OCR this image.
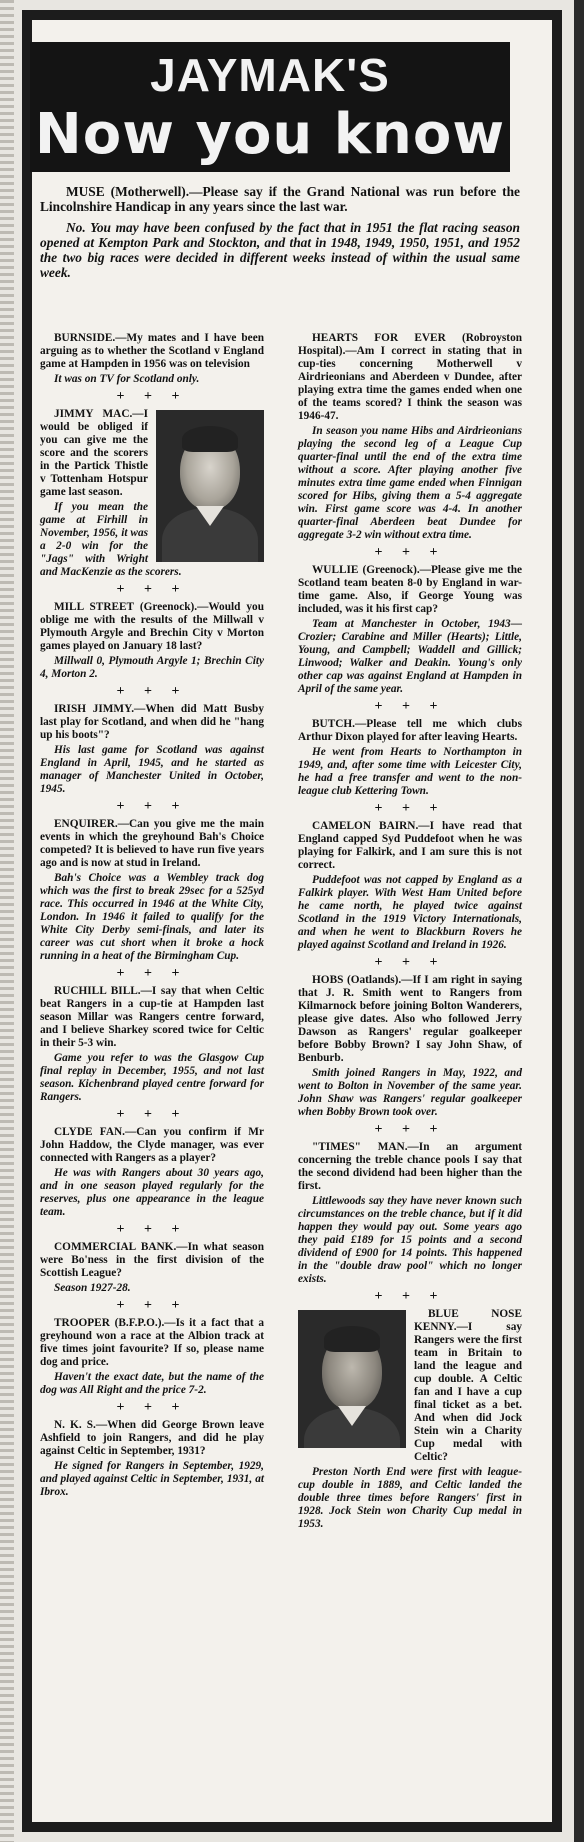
JAYMAK'S
Now you know

MUSE (Motherwell).—Please say if the Grand National was run before the Lincolnshire Handicap in any years since the last war.

No. You may have been confused by the fact that in 1951 the flat racing season opened at Kempton Park and Stockton, and that in 1948, 1949, 1950, 1951, and 1952 the two big races were decided in different weeks instead of within the usual same week.

BURNSIDE.—My mates and I have been arguing as to whether the Scotland v England game at Hampden in 1956 was on television

It was on TV for Scotland only.

+ + +

JIMMY MAC.—I would be obliged if you can give me the score and the scorers in the Partick Thistle v Tottenham Hotspur game last season.

If you mean the game at Firhill in November, 1956, it was a 2-0 win for the "Jags" with Wright and MacKenzie as the scorers.

+ + +

MILL STREET (Greenock).—Would you oblige me with the results of the Millwall v Plymouth Argyle and Brechin City v Morton games played on January 18 last?

Millwall 0, Plymouth Argyle 1; Brechin City 4, Morton 2.

+ + +

IRISH JIMMY.—When did Matt Busby last play for Scotland, and when did he "hang up his boots"?

His last game for Scotland was against England in April, 1945, and he started as manager of Manchester United in October, 1945.

+ + +

ENQUIRER.—Can you give me the main events in which the greyhound Bah's Choice competed? It is believed to have run five years ago and is now at stud in Ireland.

Bah's Choice was a Wembley track dog which was the first to break 29sec for a 525yd race. This occurred in 1946 at the White City, London. In 1946 it failed to qualify for the White City Derby semi-finals, and later its career was cut short when it broke a hock running in a heat of the Birmingham Cup.

+ + +

RUCHILL BILL.—I say that when Celtic beat Rangers in a cup-tie at Hampden last season Millar was Rangers centre forward, and I believe Sharkey scored twice for Celtic in their 5-3 win.

Game you refer to was the Glasgow Cup final replay in December, 1955, and not last season. Kichenbrand played centre forward for Rangers.

+ + +

CLYDE FAN.—Can you confirm if Mr John Haddow, the Clyde manager, was ever connected with Rangers as a player?

He was with Rangers about 30 years ago, and in one season played regularly for the reserves, plus one appearance in the league team.

+ + +

COMMERCIAL BANK.—In what season were Bo'ness in the first division of the Scottish League?

Season 1927-28.

+ + +

TROOPER (B.F.P.O.).—Is it a fact that a greyhound won a race at the Albion track at five times joint favourite? If so, please name dog and price.

Haven't the exact date, but the name of the dog was All Right and the price 7-2.

+ + +

N. K. S.—When did George Brown leave Ashfield to join Rangers, and did he play against Celtic in September, 1931?

He signed for Rangers in September, 1929, and played against Celtic in September, 1931, at Ibrox.

HEARTS FOR EVER (Robroyston Hospital).—Am I correct in stating that in cup-ties concerning Motherwell v Airdrieonians and Aberdeen v Dundee, after playing extra time the games ended when one of the teams scored? I think the season was 1946-47.

In season you name Hibs and Airdrieonians playing the second leg of a League Cup quarter-final until the end of the extra time without a score. After playing another five minutes extra time game ended when Finnigan scored for Hibs, giving them a 5-4 aggregate win. First game score was 4-4. In another quarter-final Aberdeen beat Dundee for aggregate 3-2 win without extra time.

+ + +

WULLIE (Greenock).—Please give me the Scotland team beaten 8-0 by England in war-time game. Also, if George Young was included, was it his first cap?

Team at Manchester in October, 1943—Crozier; Carabine and Miller (Hearts); Little, Young, and Campbell; Waddell and Gillick; Linwood; Walker and Deakin. Young's only other cap was against England at Hampden in April of the same year.

+ + +

BUTCH.—Please tell me which clubs Arthur Dixon played for after leaving Hearts.

He went from Hearts to Northampton in 1949, and, after some time with Leicester City, he had a free transfer and went to the non-league club Kettering Town.

+ + +

CAMELON BAIRN.—I have read that England capped Syd Puddefoot when he was playing for Falkirk, and I am sure this is not correct.

Puddefoot was not capped by England as a Falkirk player. With West Ham United before he came north, he played twice against Scotland in the 1919 Victory Internationals, and when he went to Blackburn Rovers he played against Scotland and Ireland in 1926.

+ + +

HOBS (Oatlands).—If I am right in saying that J. R. Smith went to Rangers from Kilmarnock before joining Bolton Wanderers, please give dates. Also who followed Jerry Dawson as Rangers' regular goalkeeper before Bobby Brown? I say John Shaw, of Benburb.

Smith joined Rangers in May, 1922, and went to Bolton in November of the same year. John Shaw was Rangers' regular goalkeeper when Bobby Brown took over.

+ + +

"TIMES" MAN.—In an argument concerning the treble chance pools I say that the second dividend had been higher than the first.

Littlewoods say they have never known such circumstances on the treble chance, but if it did happen they would pay out. Some years ago they paid £189 for 15 points and a second dividend of £900 for 14 points. This happened in the "double draw pool" which no longer exists.

+ + +

BLUE NOSE KENNY.—I say Rangers were the first team in Britain to land the league and cup double. A Celtic fan and I have a cup final ticket as a bet. And when did Jock Stein win a Charity Cup medal with Celtic?

Preston North End were first with league-cup double in 1889, and Celtic landed the double three times before Rangers' first in 1928. Jock Stein won Charity Cup medal in 1953.
